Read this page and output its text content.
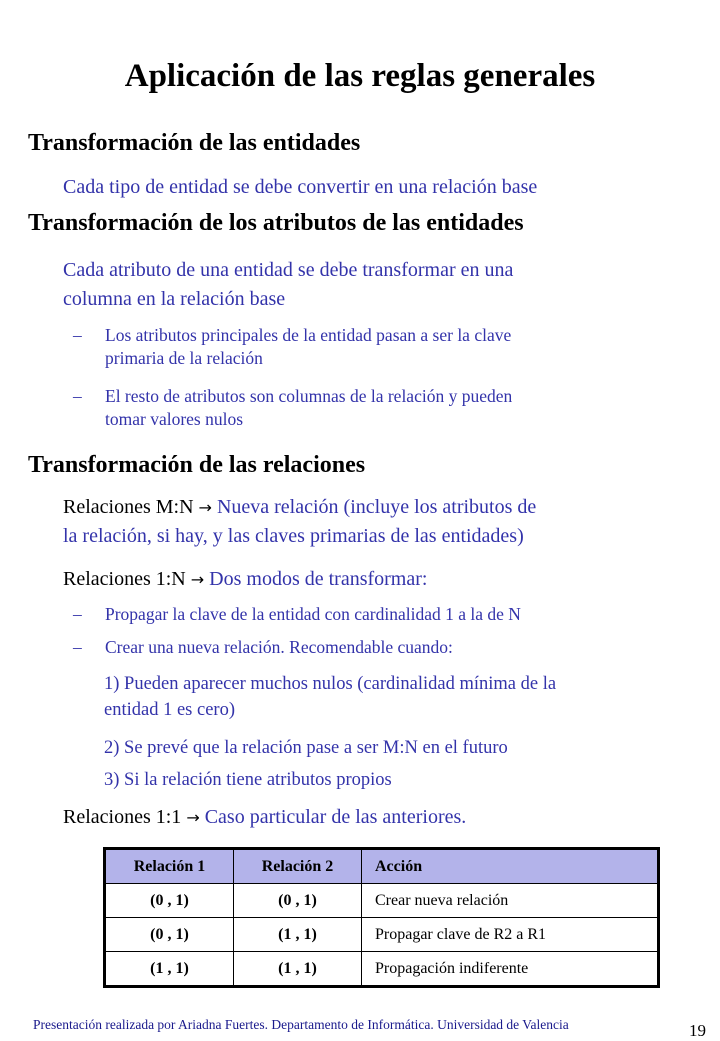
Aplicación de las reglas generales
Transformación de las entidades
Cada tipo de entidad se debe convertir en una relación base
Transformación de los atributos de las entidades
Cada atributo de una entidad se debe transformar en una
columna en la relación base
– Los atributos principales de la entidad pasan a ser la clave
primaria de la relación
– El resto de atributos son columnas de la relación y pueden
tomar valores nulos
Transformación de las relaciones
Relaciones M:N → Nueva relación (incluye los atributos de
la relación, si hay, y las claves primarias de las entidades)
Relaciones 1:N → Dos modos de transformar:
– Propagar la clave de la entidad con cardinalidad 1 a la de N
– Crear una nueva relación. Recomendable cuando:
1) Pueden aparecer muchos nulos (cardinalidad mínima de la
entidad 1 es cero)
2) Se prevé que la relación pase a ser M:N en el futuro
3) Si la relación tiene atributos propios
Relaciones 1:1 → Caso particular de las anteriores.
Relación 1	Relación 2	Acción
(0 , 1)	(0 , 1)	Crear nueva relación
(0 , 1)	(1 , 1)	Propagar clave de R2 a R1
(1 , 1)	(1 , 1)	Propagación indiferente
Presentación realizada por Ariadna Fuertes. Departamento de Informática. Universidad de Valencia	19
